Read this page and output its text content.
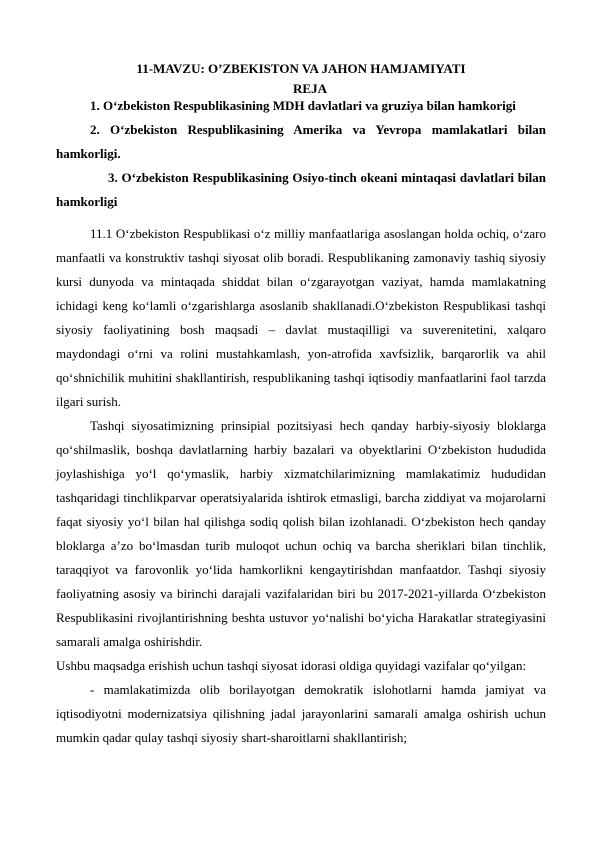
11-MAVZU: O’ZBEKISTON VA JAHON HAMJAMIYATI
REJA

1. O‘zbekiston Respublikasining MDH davlatlari va gruziya bilan hamkorigi

2. O‘zbekiston Respublikasining Amerika va Yevropa mamlakatlari bilan hamkorligi.

3. O‘zbekiston Respublikasining Osiyo-tinch okeani mintaqasi davlatlari bilan hamkorligi

11.1 O‘zbekiston Respublikasi o‘z milliy manfaatlariga asoslangan holda ochiq, o‘zaro manfaatli va konstruktiv tashqi siyosat olib boradi. Respublikaning zamonaviy tashiq siyosiy kursi dunyoda va mintaqada shiddat bilan o‘zgarayotgan vaziyat, hamda mamlakatning ichidagi keng ko‘lamli o‘zgarishlarga asoslanib shakllanadi.O‘zbekiston Respublikasi tashqi siyosiy faoliyatining bosh maqsadi – davlat mustaqilligi va suverenitetini, xalqaro maydondagi o‘rni va rolini mustahkamlash, yon-atrofida xavfsizlik, barqarorlik va ahil qo‘shnichilik muhitini shakllantirish, respublikaning tashqi iqtisodiy manfaatlarini faol tarzda ilgari surish.

Tashqi siyosatimizning prinsipial pozitsiyasi hech qanday harbiy-siyosiy bloklarga qo‘shilmaslik, boshqa davlatlarning harbiy bazalari va obyektlarini O‘zbekiston hududida joylashishiga yo‘l qo‘ymaslik, harbiy xizmatchilarimizning mamlakatimiz hududidan tashqaridagi tinchlikparvar operatsiyalarida ishtirok etmasligi, barcha ziddiyat va mojarolarni faqat siyosiy yo‘l bilan hal qilishga sodiq qolish bilan izohlanadi. O‘zbekiston hech qanday bloklarga a’zo bo‘lmasdan turib muloqot uchun ochiq va barcha sheriklari bilan tinchlik, taraqqiyot va farovonlik yo‘lida hamkorlikni kengaytirishdan manfaatdor. Tashqi siyosiy faoliyatning asosiy va birinchi darajali vazifalaridan biri bu 2017-2021-yillarda O‘zbekiston Respublikasini rivojlantirishning beshta ustuvor yo‘nalishi bo‘yicha Harakatlar strategiyasini samarali amalga oshirishdir.

Ushbu maqsadga erishish uchun tashqi siyosat idorasi oldiga quyidagi vazifalar qo‘yilgan:

- mamlakatimizda olib borilayotgan demokratik islohotlarni hamda jamiyat va iqtisodiyotni modernizatsiya qilishning jadal jarayonlarini samarali amalga oshirish uchun mumkin qadar qulay tashqi siyosiy shart-sharoitlarni shakllantirish;
